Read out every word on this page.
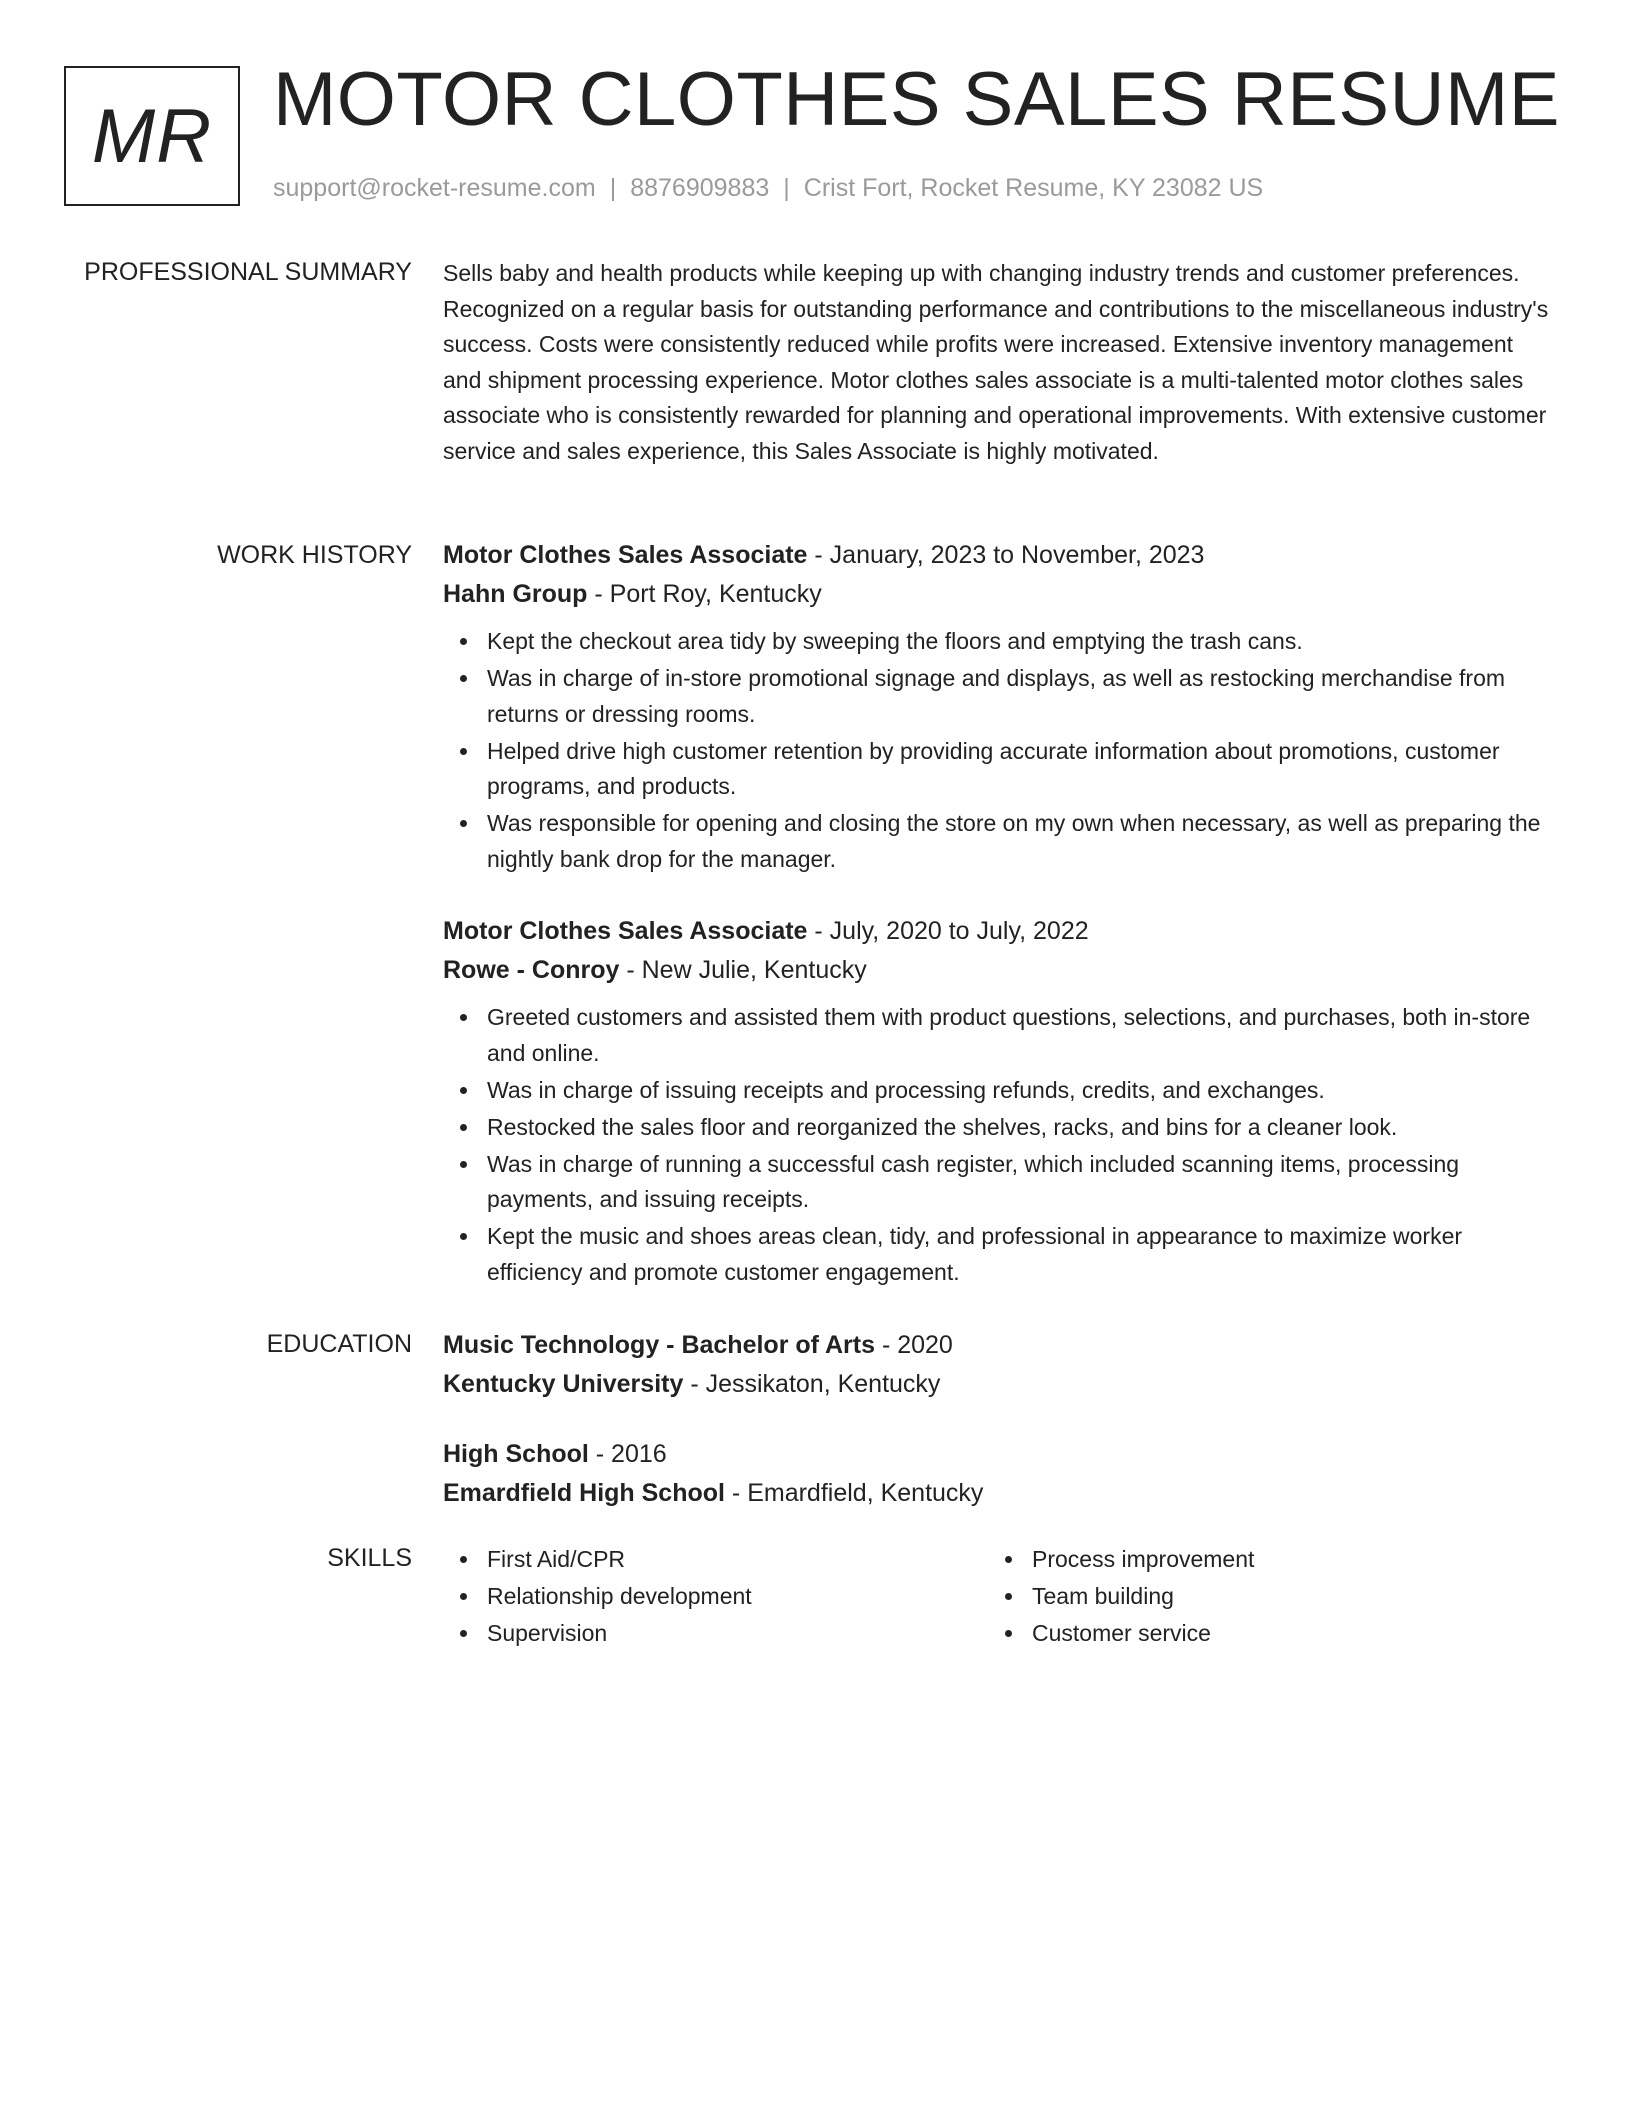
MR MOTOR CLOTHES SALES RESUME
support@rocket-resume.com | 8876909883 | Crist Fort, Rocket Resume, KY 23082 US
PROFESSIONAL SUMMARY Sells baby and health products while keeping up with changing industry trends and customer preferences. Recognized on a regular basis for outstanding performance and contributions to the miscellaneous industry's success. Costs were consistently reduced while profits were increased. Extensive inventory management and shipment processing experience. Motor clothes sales associate is a multi-talented motor clothes sales associate who is consistently rewarded for planning and operational improvements. With extensive customer service and sales experience, this Sales Associate is highly motivated.

WORK HISTORY Motor Clothes Sales Associate - January, 2023 to November, 2023
Hahn Group - Port Roy, Kentucky
Kept the checkout area tidy by sweeping the floors and emptying the trash cans.
Was in charge of in-store promotional signage and displays, as well as restocking merchandise from returns or dressing rooms.
Helped drive high customer retention by providing accurate information about promotions, customer programs, and products.
Was responsible for opening and closing the store on my own when necessary, as well as preparing the nightly bank drop for the manager.
Motor Clothes Sales Associate - July, 2020 to July, 2022
Rowe - Conroy - New Julie, Kentucky
Greeted customers and assisted them with product questions, selections, and purchases, both in-store and online.
Was in charge of issuing receipts and processing refunds, credits, and exchanges.
Restocked the sales floor and reorganized the shelves, racks, and bins for a cleaner look.
Was in charge of running a successful cash register, which included scanning items, processing payments, and issuing receipts.
Kept the music and shoes areas clean, tidy, and professional in appearance to maximize worker efficiency and promote customer engagement.
EDUCATION Music Technology - Bachelor of Arts - 2020
Kentucky University - Jessikaton, Kentucky
High School - 2016
Emardfield High School - Emardfield, Kentucky
SKILLS	First Aid/CPR
Relationship development
Supervision
Process improvement
Team building
Customer service
